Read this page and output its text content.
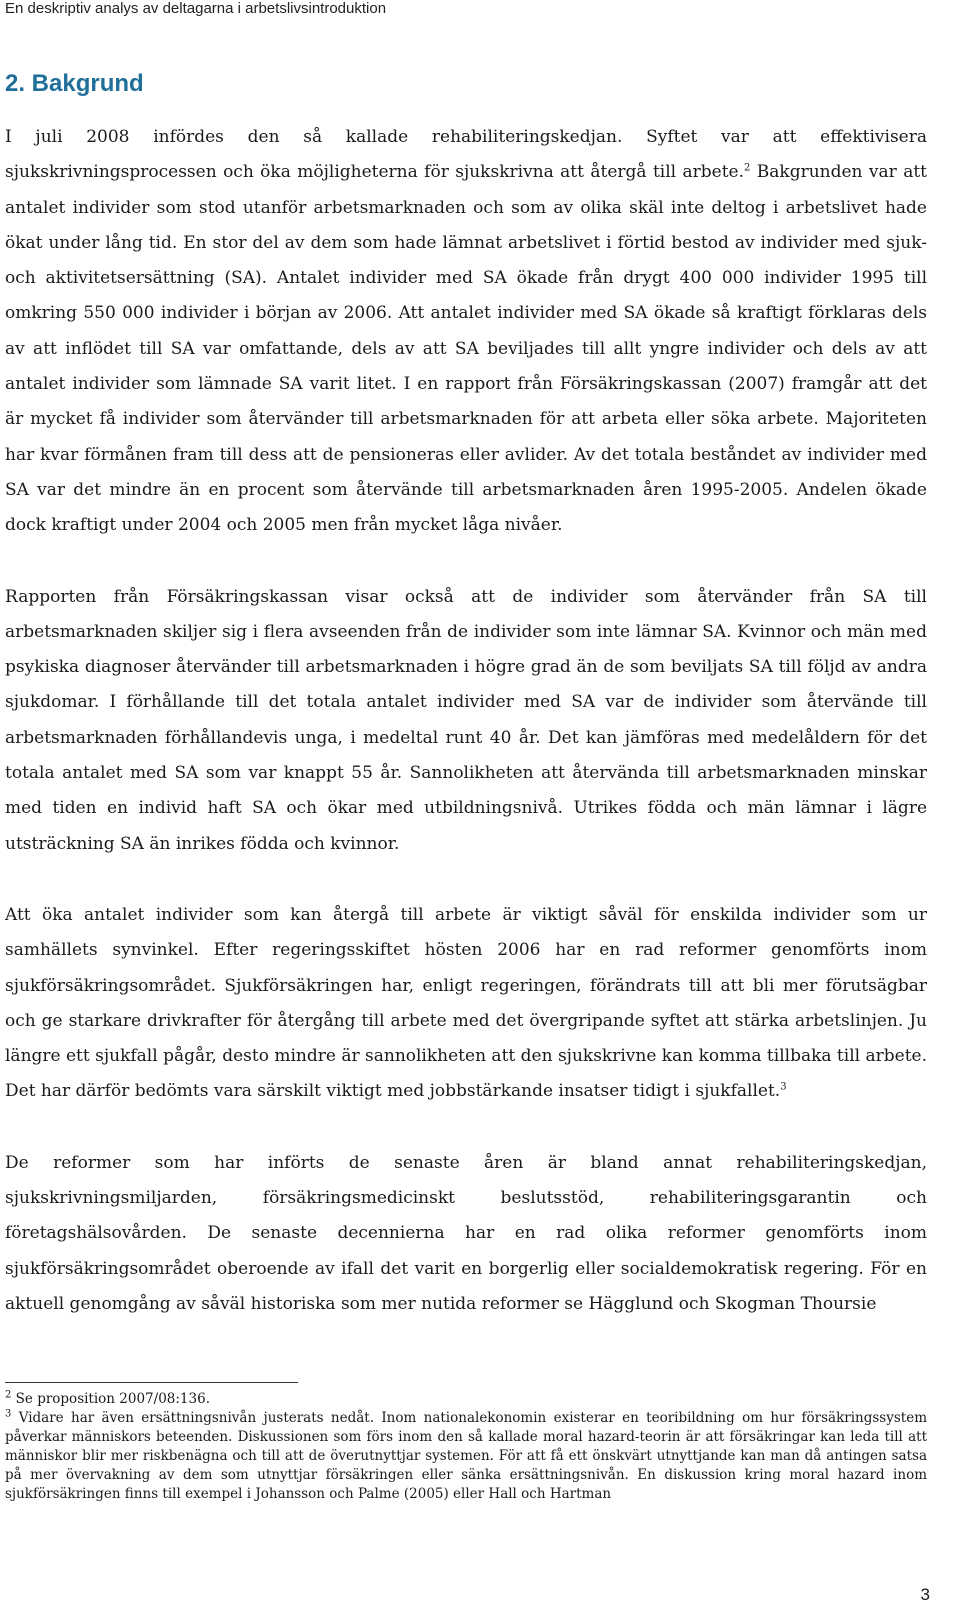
En deskriptiv analys av deltagarna i arbetslivsintroduktion
2. Bakgrund

I juli 2008 infördes den så kallade rehabiliteringskedjan. Syftet var att effektivisera sjukskrivningsprocessen och öka möjligheterna för sjukskrivna att återgå till arbete.$^2$ Bakgrunden var att antalet individer som stod utanför arbetsmarknaden och som av olika skäl inte deltog i arbetslivet hade ökat under lång tid. En stor del av dem som hade lämnat arbetslivet i förtid bestod av individer med sjuk- och aktivitetsersättning (SA). Antalet individer med SA ökade från drygt 400 000 individer 1995 till omkring 550 000 individer i början av 2006. Att antalet individer med SA ökade så kraftigt förklaras dels av att inflödet till SA var omfattande, dels av att SA beviljades till allt yngre individer och dels av att antalet individer som lämnade SA varit litet. I en rapport från Försäkringskassan (2007) framgår att det är mycket få individer som återvänder till arbetsmarknaden för att arbeta eller söka arbete. Majoriteten har kvar förmånen fram till dess att de pensioneras eller avlider. Av det totala beståndet av individer med SA var det mindre än en procent som återvände till arbetsmarknaden åren 1995-2005. Andelen ökade dock kraftigt under 2004 och 2005 men från mycket låga nivåer.

Rapporten från Försäkringskassan visar också att de individer som återvänder från SA till arbetsmarknaden skiljer sig i flera avseenden från de individer som inte lämnar SA. Kvinnor och män med psykiska diagnoser återvänder till arbetsmarknaden i högre grad än de som beviljats SA till följd av andra sjukdomar. I förhållande till det totala antalet individer med SA var de individer som återvände till arbetsmarknaden förhållandevis unga, i medeltal runt 40 år. Det kan jämföras med medelåldern för det totala antalet med SA som var knappt 55 år. Sannolikheten att återvända till arbetsmarknaden minskar med tiden en individ haft SA och ökar med utbildningsnivå. Utrikes födda och män lämnar i lägre utsträckning SA än inrikes födda och kvinnor.

Att öka antalet individer som kan återgå till arbete är viktigt såväl för enskilda individer som ur samhällets synvinkel. Efter regeringsskiftet hösten 2006 har en rad reformer genomförts inom sjukförsäkringsområdet. Sjukförsäkringen har, enligt regeringen, förändrats till att bli mer förutsägbar och ge starkare drivkrafter för återgång till arbete med det övergripande syftet att stärka arbetslinjen. Ju längre ett sjukfall pågår, desto mindre är sannolikheten att den sjukskrivne kan komma tillbaka till arbete. Det har därför bedömts vara särskilt viktigt med jobbstärkande insatser tidigt i sjukfallet.$^3$

De reformer som har införts de senaste åren är bland annat rehabiliteringskedjan, sjukskrivningsmiljarden, försäkringsmedicinskt beslutsstöd, rehabiliteringsgarantin och företagshälsovården. De senaste decennierna har en rad olika reformer genomförts inom sjukförsäkringsområdet oberoende av ifall det varit en borgerlig eller socialdemokratisk regering. För en aktuell genomgång av såväl historiska som mer nutida reformer se Hägglund och Skogman Thoursie

$^2$ Se proposition 2007/08:136.

$^3$ Vidare har även ersättningsnivån justerats nedåt. Inom nationalekonomin existerar en teoribildning om hur försäkringssystem påverkar människors beteenden. Diskussionen som förs inom den så kallade moral hazard-teorin är att försäkringar kan leda till att människor blir mer riskbenägna och till att de överutnyttjar systemen. För att få ett önskvärt utnyttjande kan man då antingen satsa på mer övervakning av dem som utnyttjar försäkringen eller sänka ersättningsnivån. En diskussion kring moral hazard inom sjukförsäkringen finns till exempel i Johansson och Palme (2005) eller Hall och Hartman

3
